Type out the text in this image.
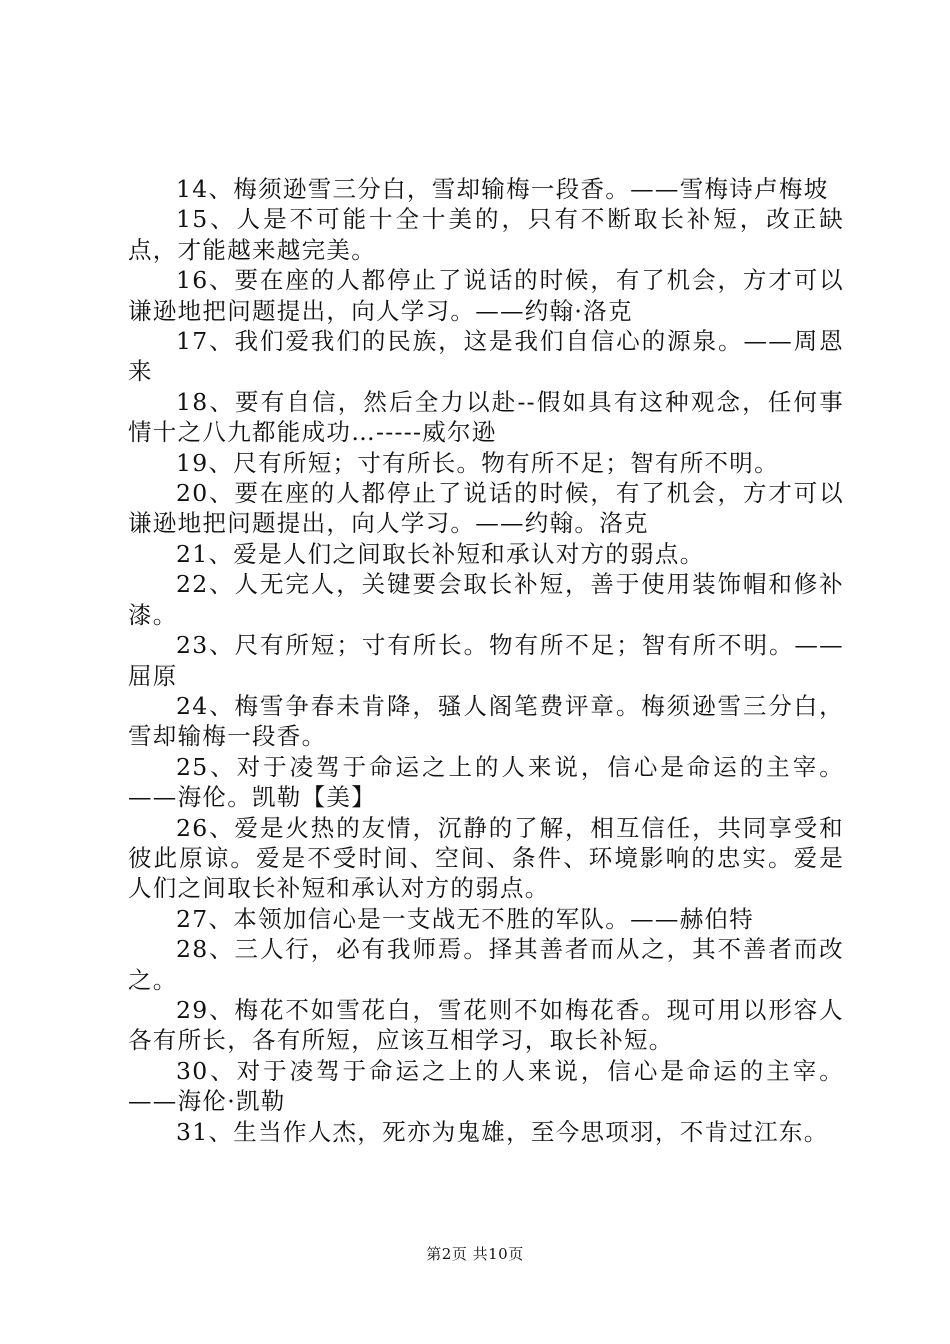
14、梅须逊雪三分白，雪却输梅一段香。——雪梅诗卢梅坡

15、人是不可能十全十美的，只有不断取长补短，改正缺点，才能越来越完美。

16、要在座的人都停止了说话的时候，有了机会，方才可以谦逊地把问题提出，向人学习。——约翰·洛克

17、我们爱我们的民族，这是我们自信心的源泉。——周恩来

18、要有自信，然后全力以赴--假如具有这种观念，任何事情十之八九都能成功…-----威尔逊

19、尺有所短；寸有所长。物有所不足；智有所不明。

20、要在座的人都停止了说话的时候，有了机会，方才可以谦逊地把问题提出，向人学习。——约翰。洛克

21、爱是人们之间取长补短和承认对方的弱点。

22、人无完人，关键要会取长补短，善于使用装饰帽和修补漆。

23、尺有所短；寸有所长。物有所不足；智有所不明。——屈原

24、梅雪争春未肯降，骚人阁笔费评章。梅须逊雪三分白，雪却输梅一段香。

25、对于凌驾于命运之上的人来说，信心是命运的主宰。——海伦。凯勒【美】

26、爱是火热的友情，沉静的了解，相互信任，共同享受和彼此原谅。爱是不受时间、空间、条件、环境影响的忠实。爱是人们之间取长补短和承认对方的弱点。

27、本领加信心是一支战无不胜的军队。——赫伯特

28、三人行，必有我师焉。择其善者而从之，其不善者而改之。

29、梅花不如雪花白，雪花则不如梅花香。现可用以形容人各有所长，各有所短，应该互相学习，取长补短。

30、对于凌驾于命运之上的人来说，信心是命运的主宰。——海伦·凯勒

31、生当作人杰，死亦为鬼雄，至今思项羽，不肯过江东。

第2页 共10页
